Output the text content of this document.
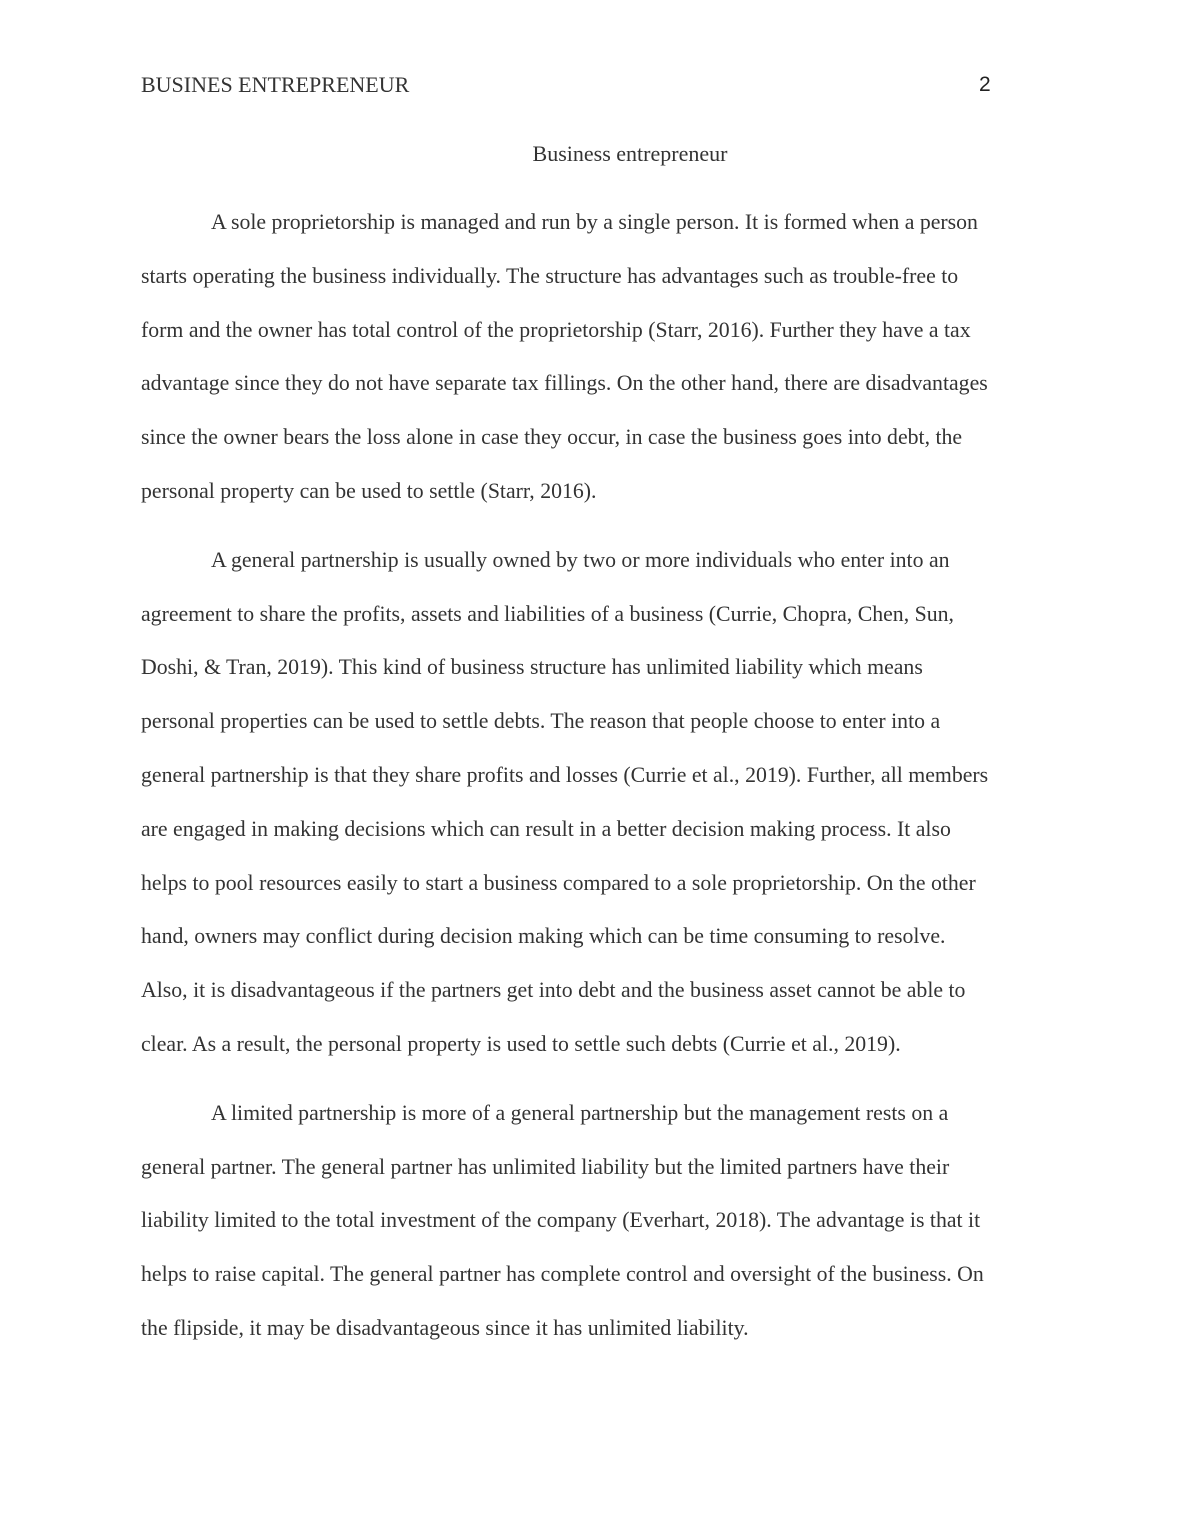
BUSINES ENTREPRENEUR	2
Business entrepreneur

A sole proprietorship is managed and run by a single person. It is formed when a person
starts operating the business individually. The structure has advantages such as trouble-free to
form and the owner has total control of the proprietorship (Starr, 2016). Further they have a tax
advantage since they do not have separate tax fillings. On the other hand, there are disadvantages
since the owner bears the loss alone in case they occur, in case the business goes into debt, the
personal property can be used to settle (Starr, 2016).

A general partnership is usually owned by two or more individuals who enter into an
agreement to share the profits, assets and liabilities of a business (Currie, Chopra, Chen, Sun,
Doshi, & Tran, 2019). This kind of business structure has unlimited liability which means
personal properties can be used to settle debts. The reason that people choose to enter into a
general partnership is that they share profits and losses (Currie et al., 2019). Further, all members
are engaged in making decisions which can result in a better decision making process. It also
helps to pool resources easily to start a business compared to a sole proprietorship. On the other
hand, owners may conflict during decision making which can be time consuming to resolve.
Also, it is disadvantageous if the partners get into debt and the business asset cannot be able to
clear. As a result, the personal property is used to settle such debts (Currie et al., 2019).

A limited partnership is more of a general partnership but the management rests on a
general partner. The general partner has unlimited liability but the limited partners have their
liability limited to the total investment of the company (Everhart, 2018). The advantage is that it
helps to raise capital. The general partner has complete control and oversight of the business. On
the flipside, it may be disadvantageous since it has unlimited liability.
